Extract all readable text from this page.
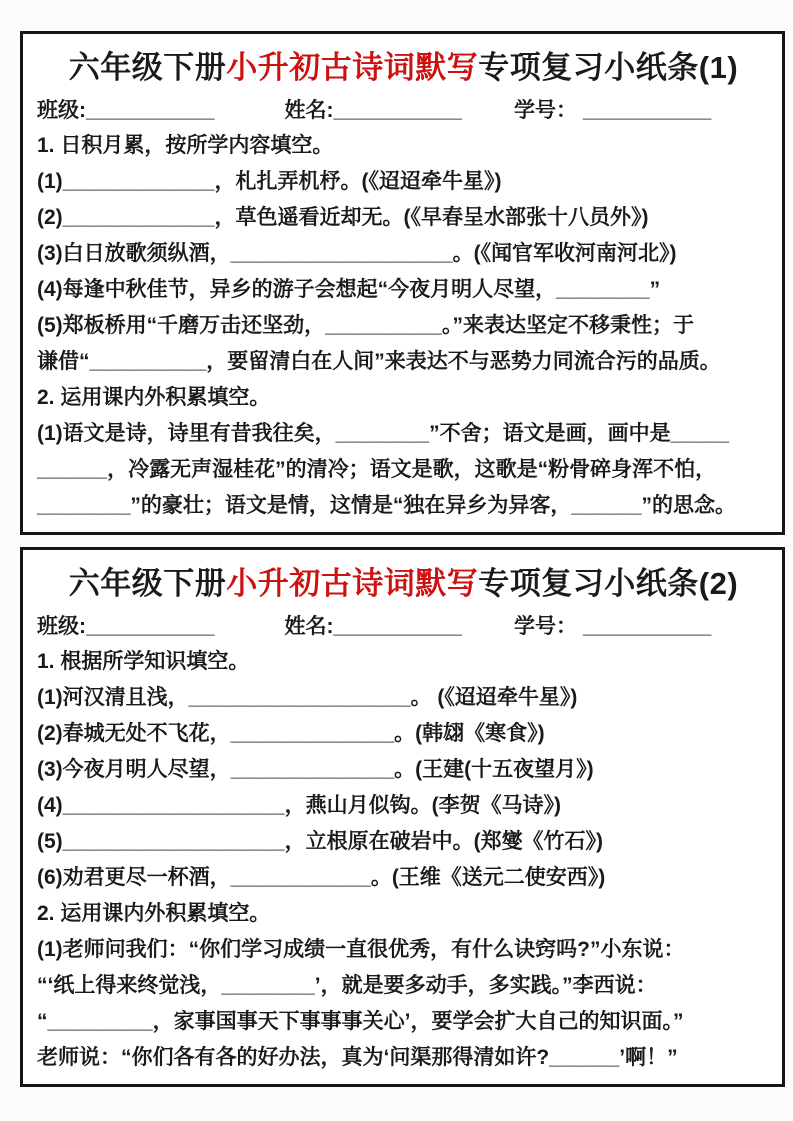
六年级下册小升初古诗词默写专项复习小纸条(1)
班级:___________	姓名:___________ 学号： ___________

1. 日积月累，按所学内容填空。

(1)_____________，札扎弄机杼。(《迢迢牵牛星》)

(2)_____________，草色遥看近却无。(《早春呈水部张十八员外》)

(3)白日放歌须纵酒，___________________。(《闻官军收河南河北》)

(4)每逢中秋佳节，异乡的游子会想起“今夜月明人尽望，________”

(5)郑板桥用“千磨万击还坚劲，__________。”来表达坚定不移秉性；于

谦借“__________，要留清白在人间”来表达不与恶势力同流合污的品质。

2. 运用课内外积累填空。

(1)语文是诗，诗里有昔我往矣，________”不舍；语文是画，画中是_____

______，冷露无声湿桂花”的清冷；语文是歌，这歌是“粉骨碎身浑不怕，

________”的豪壮；语文是情，这情是“独在异乡为异客，______”的思念。

六年级下册小升初古诗词默写专项复习小纸条(2)
班级:___________	姓名:___________ 学号： ___________

1. 根据所学知识填空。

(1)河汉清且浅，___________________。 (《迢迢牵牛星》)

(2)春城无处不飞花，______________。(韩翃《寒食》)

(3)今夜月明人尽望，______________。(王建(十五夜望月》)

(4)___________________，燕山月似钩。(李贺《马诗》)

(5)___________________，立根原在破岩中。(郑燮《竹石》)

(6)劝君更尽一杯酒，____________。(王维《送元二使安西》)

2. 运用课内外积累填空。

(1)老师问我们：“你们学习成绩一直很优秀，有什么诀窍吗?”小东说：

“‘纸上得来终觉浅，________’，就是要多动手，多实践。”李西说：

“_________，家事国事天下事事事关心’，要学会扩大自己的知识面。”

老师说：“你们各有各的好办法，真为‘问渠那得清如许?______’啊！”
